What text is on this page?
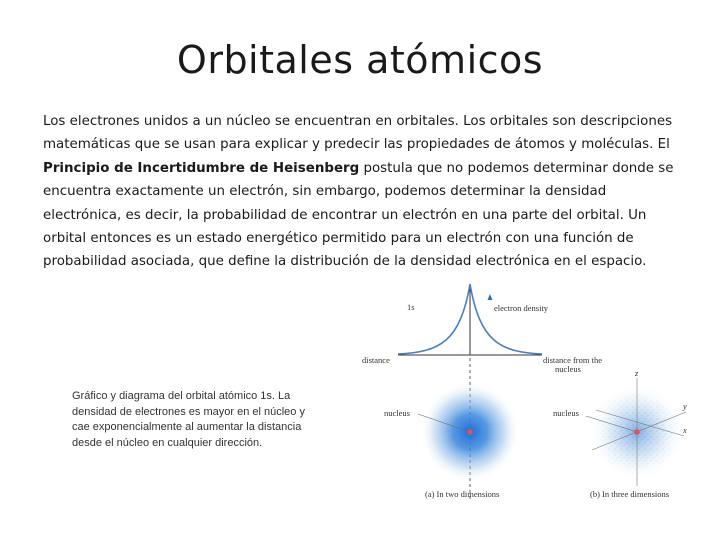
Orbitales atómicos
Los electrones unidos a un núcleo se encuentran en orbitales. Los orbitales son descripciones matemáticas que se usan para explicar y predecir las propiedades de átomos y moléculas. El Principio de Incertidumbre de Heisenberg postula que no podemos determinar donde se encuentra exactamente un electrón, sin embargo, podemos determinar la densidad electrónica, es decir, la probabilidad de encontrar un electrón en una parte del orbital. Un orbital entonces es un estado energético permitido para un electrón con una función de probabilidad asociada, que define la distribución de la densidad electrónica en el espacio.
Gráfico y diagrama del orbital atómico 1s. La densidad de electrones es mayor en el núcleo y cae exponencialmente al aumentar la distancia desde el núcleo en cualquier dirección.
1s	electron density
distance	distance from the
nucleus
nucleus
(a) In two dimensions
nucleus
z
y
x
(b) In three dimensions
